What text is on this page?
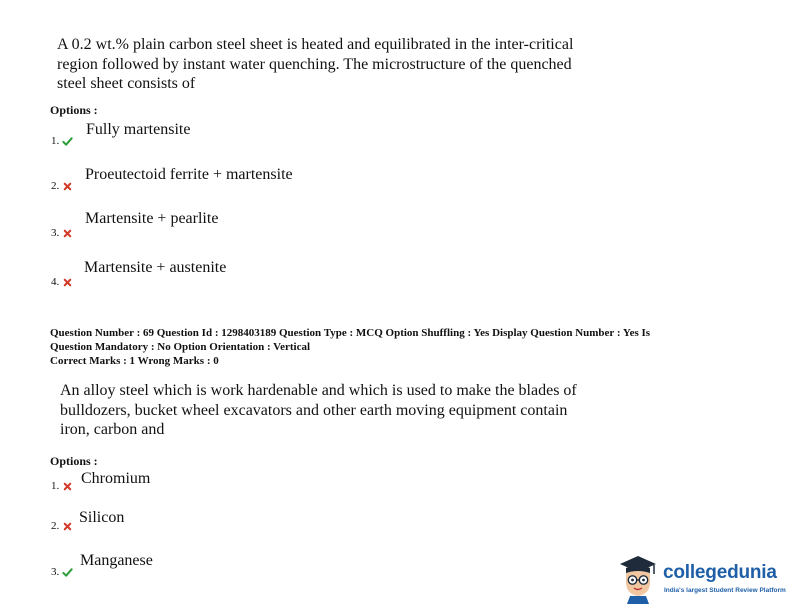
A 0.2 wt.% plain carbon steel sheet is heated and equilibrated in the inter-critical
region followed by instant water quenching. The microstructure of the quenched
steel sheet consists of
Options :
1.
Fully martensite
2.
Proeutectoid ferrite + martensite
3.
Martensite + pearlite
4.
Martensite + austenite
Question Number : 69 Question Id : 1298403189 Question Type : MCQ Option Shuffling : Yes Display Question Number : Yes Is
Question Mandatory : No Option Orientation : Vertical
Correct Marks : 1 Wrong Marks : 0
An alloy steel which is work hardenable and which is used to make the blades of
bulldozers, bucket wheel excavators and other earth moving equipment contain
iron, carbon and
Options :
1. Chromium
2. Silicon
3.
Manganese
collegedunia
India's largest Student Review Platform
